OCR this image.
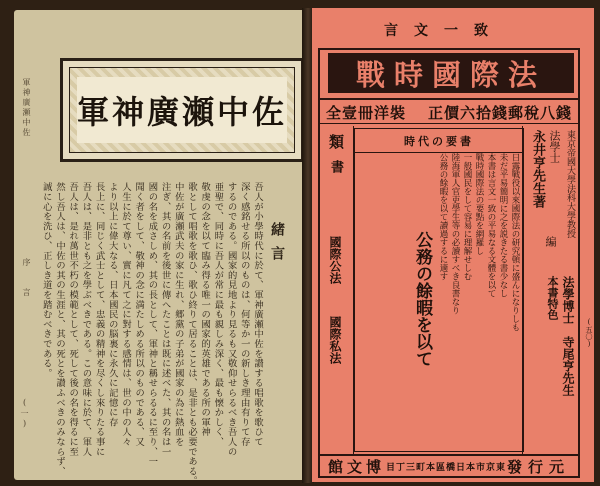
軍神廣瀬中佐
序
言
(一)
軍神廣瀬中佐
緒言
吾人が小學時代に於て、軍神廣瀬中佐を讃する唱歌を歌ひて
深く感銘せる所以のものは、何等か一の新しき理由有りて存
するのである。國家的見地より見るも又敬仰せらるべき吾人の
亜聖で、同時に吾人が常に最も親しみ深く、最も懐かしく、
敬虔の念を以て臨み得る唯一の國家的英雄である所の軍神
歌として唱歌を歌ひ、歌ひ終りて居ることは、是非とも必要である。
中佐が廣瀬武夫の家に生れ、郷黨の子弟が國家の為に熱血を
注ぎ、其の名前を後世に傳へたことは既に述べた、其の名は一
國の名を成さしめ、其の長として、軍神と稱せらるるに至り、一
聞く者をして、敬神の念に満たしめる所以のものである、又
人生に於て尊い、實に凡て之に對する感情は、世の中の人々
より以上に偉大なる、日本國民の脳裏に永久に記憶に存
長上に、同じく武士として、忠義の精神を尽くし來りたる事に
吾人は、是非とも之を學ぶべきである。この意味に於て、軍人
吾人は、是れ萬世不朽の模範として、死して後の名を得るに至
然し吾人は、中佐の其の生涯と、其の死とを讃ふべきのみならず、
誠に心を洗ひ、正しき道を踏むべきである。	(五〇)
言文一致
戰時國際法
全壹冊洋裝 正價六拾錢郵稅八錢
類
書
國際公法
國際私法
時代の要書
日露戰役以來國際法の研究頓に盛んになりしも
未だ平易簡明に之を説きたる書少なし
本書は言文一致の平易なる文體を以て
戰時國際法の要點を網羅し
一般國民をして容易に理解せしむ
陸海軍人官吏學生等の必讀すべき良書なり
公務の餘暇を以て讀過するに適す
公務の餘暇を以て
東京帝國大學法科大學教授
法學士
永井亨先生著
編
本書特色 法學博士　寺尾亨先生
館文博 目丁三町本區橋日本市京東 發行元
